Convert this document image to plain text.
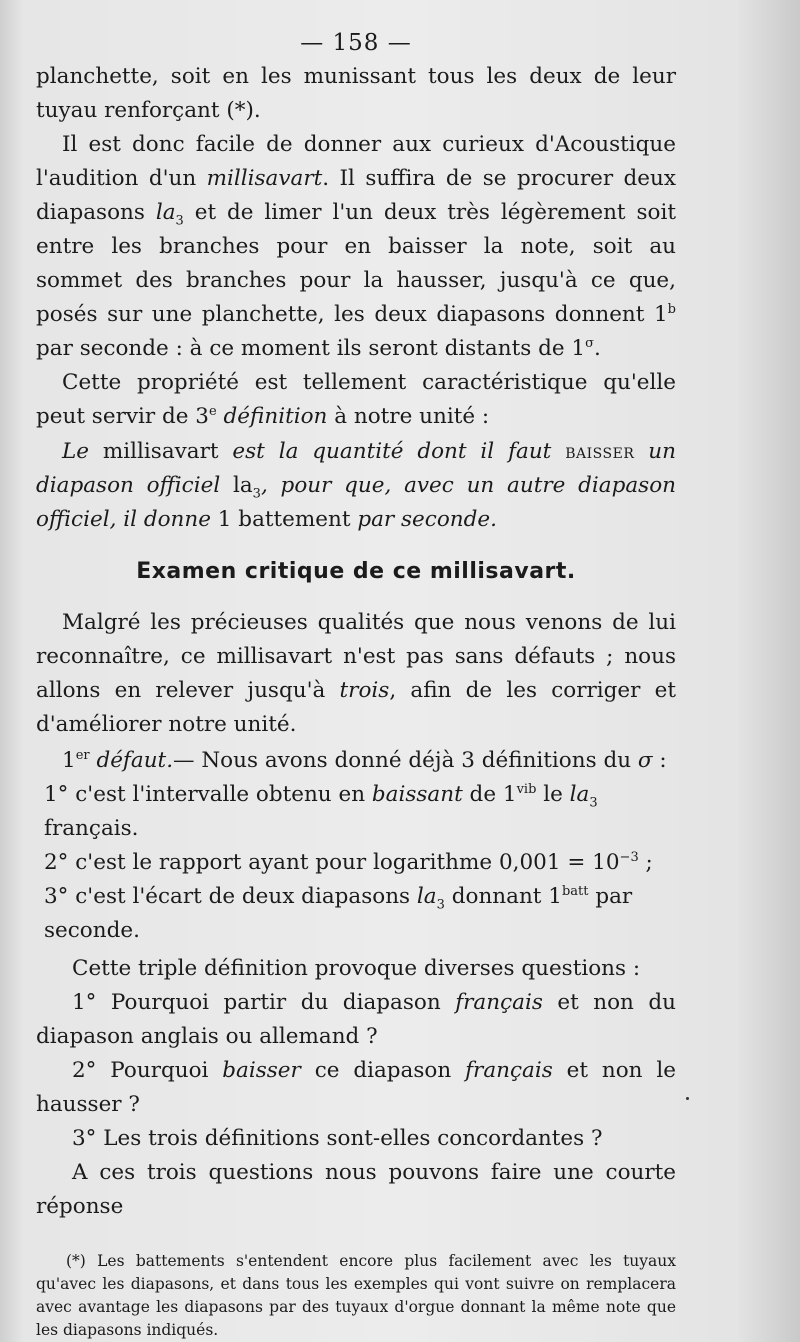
— 158 —

planchette, soit en les munissant tous les deux de leur tuyau renforçant (*).

Il est donc facile de donner aux curieux d'Acoustique l'audition d'un millisavart. Il suffira de se procurer deux diapasons $la_3$ et de limer l'un deux très légèrement soit entre les branches pour en baisser la note, soit au sommet des branches pour la hausser, jusqu'à ce que, posés sur une planchette, les deux diapasons donnent 1$^b$ par seconde : à ce moment ils seront distants de $1^\sigma$.

Cette propriété est tellement caractéristique qu'elle peut servir de 3e définition à notre unité :

Le millisavart est la quantité dont il faut baisser un diapason officiel $la_3$, pour que, avec un autre diapason officiel, il donne 1 battement par seconde.

Examen critique de ce millisavart.

Malgré les précieuses qualités que nous venons de lui reconnaître, ce millisavart n'est pas sans défauts ; nous allons en relever jusqu'à trois, afin de les corriger et d'améliorer notre unité.

1er défaut.— Nous avons donné déjà 3 définitions du σ :

1° c'est l'intervalle obtenu en baissant de $1^{vib}$ le $la_3$ français.

2° c'est le rapport ayant pour logarithme $0,001 = 10^{-3}$ ;

3° c'est l'écart de deux diapasons $la_3$ donnant $1^{batt}$ par seconde.

Cette triple définition provoque diverses questions :

1° Pourquoi partir du diapason français et non du diapason anglais ou allemand ?

2° Pourquoi baisser ce diapason français et non le hausser ?

3° Les trois définitions sont-elles concordantes ?

A ces trois questions nous pouvons faire une courte réponse

(*) Les battements s'entendent encore plus facilement avec les tuyaux qu'avec les diapasons, et dans tous les exemples qui vont suivre on remplacera avec avantage les diapasons par des tuyaux d'orgue donnant la même note que les diapasons indiqués.
